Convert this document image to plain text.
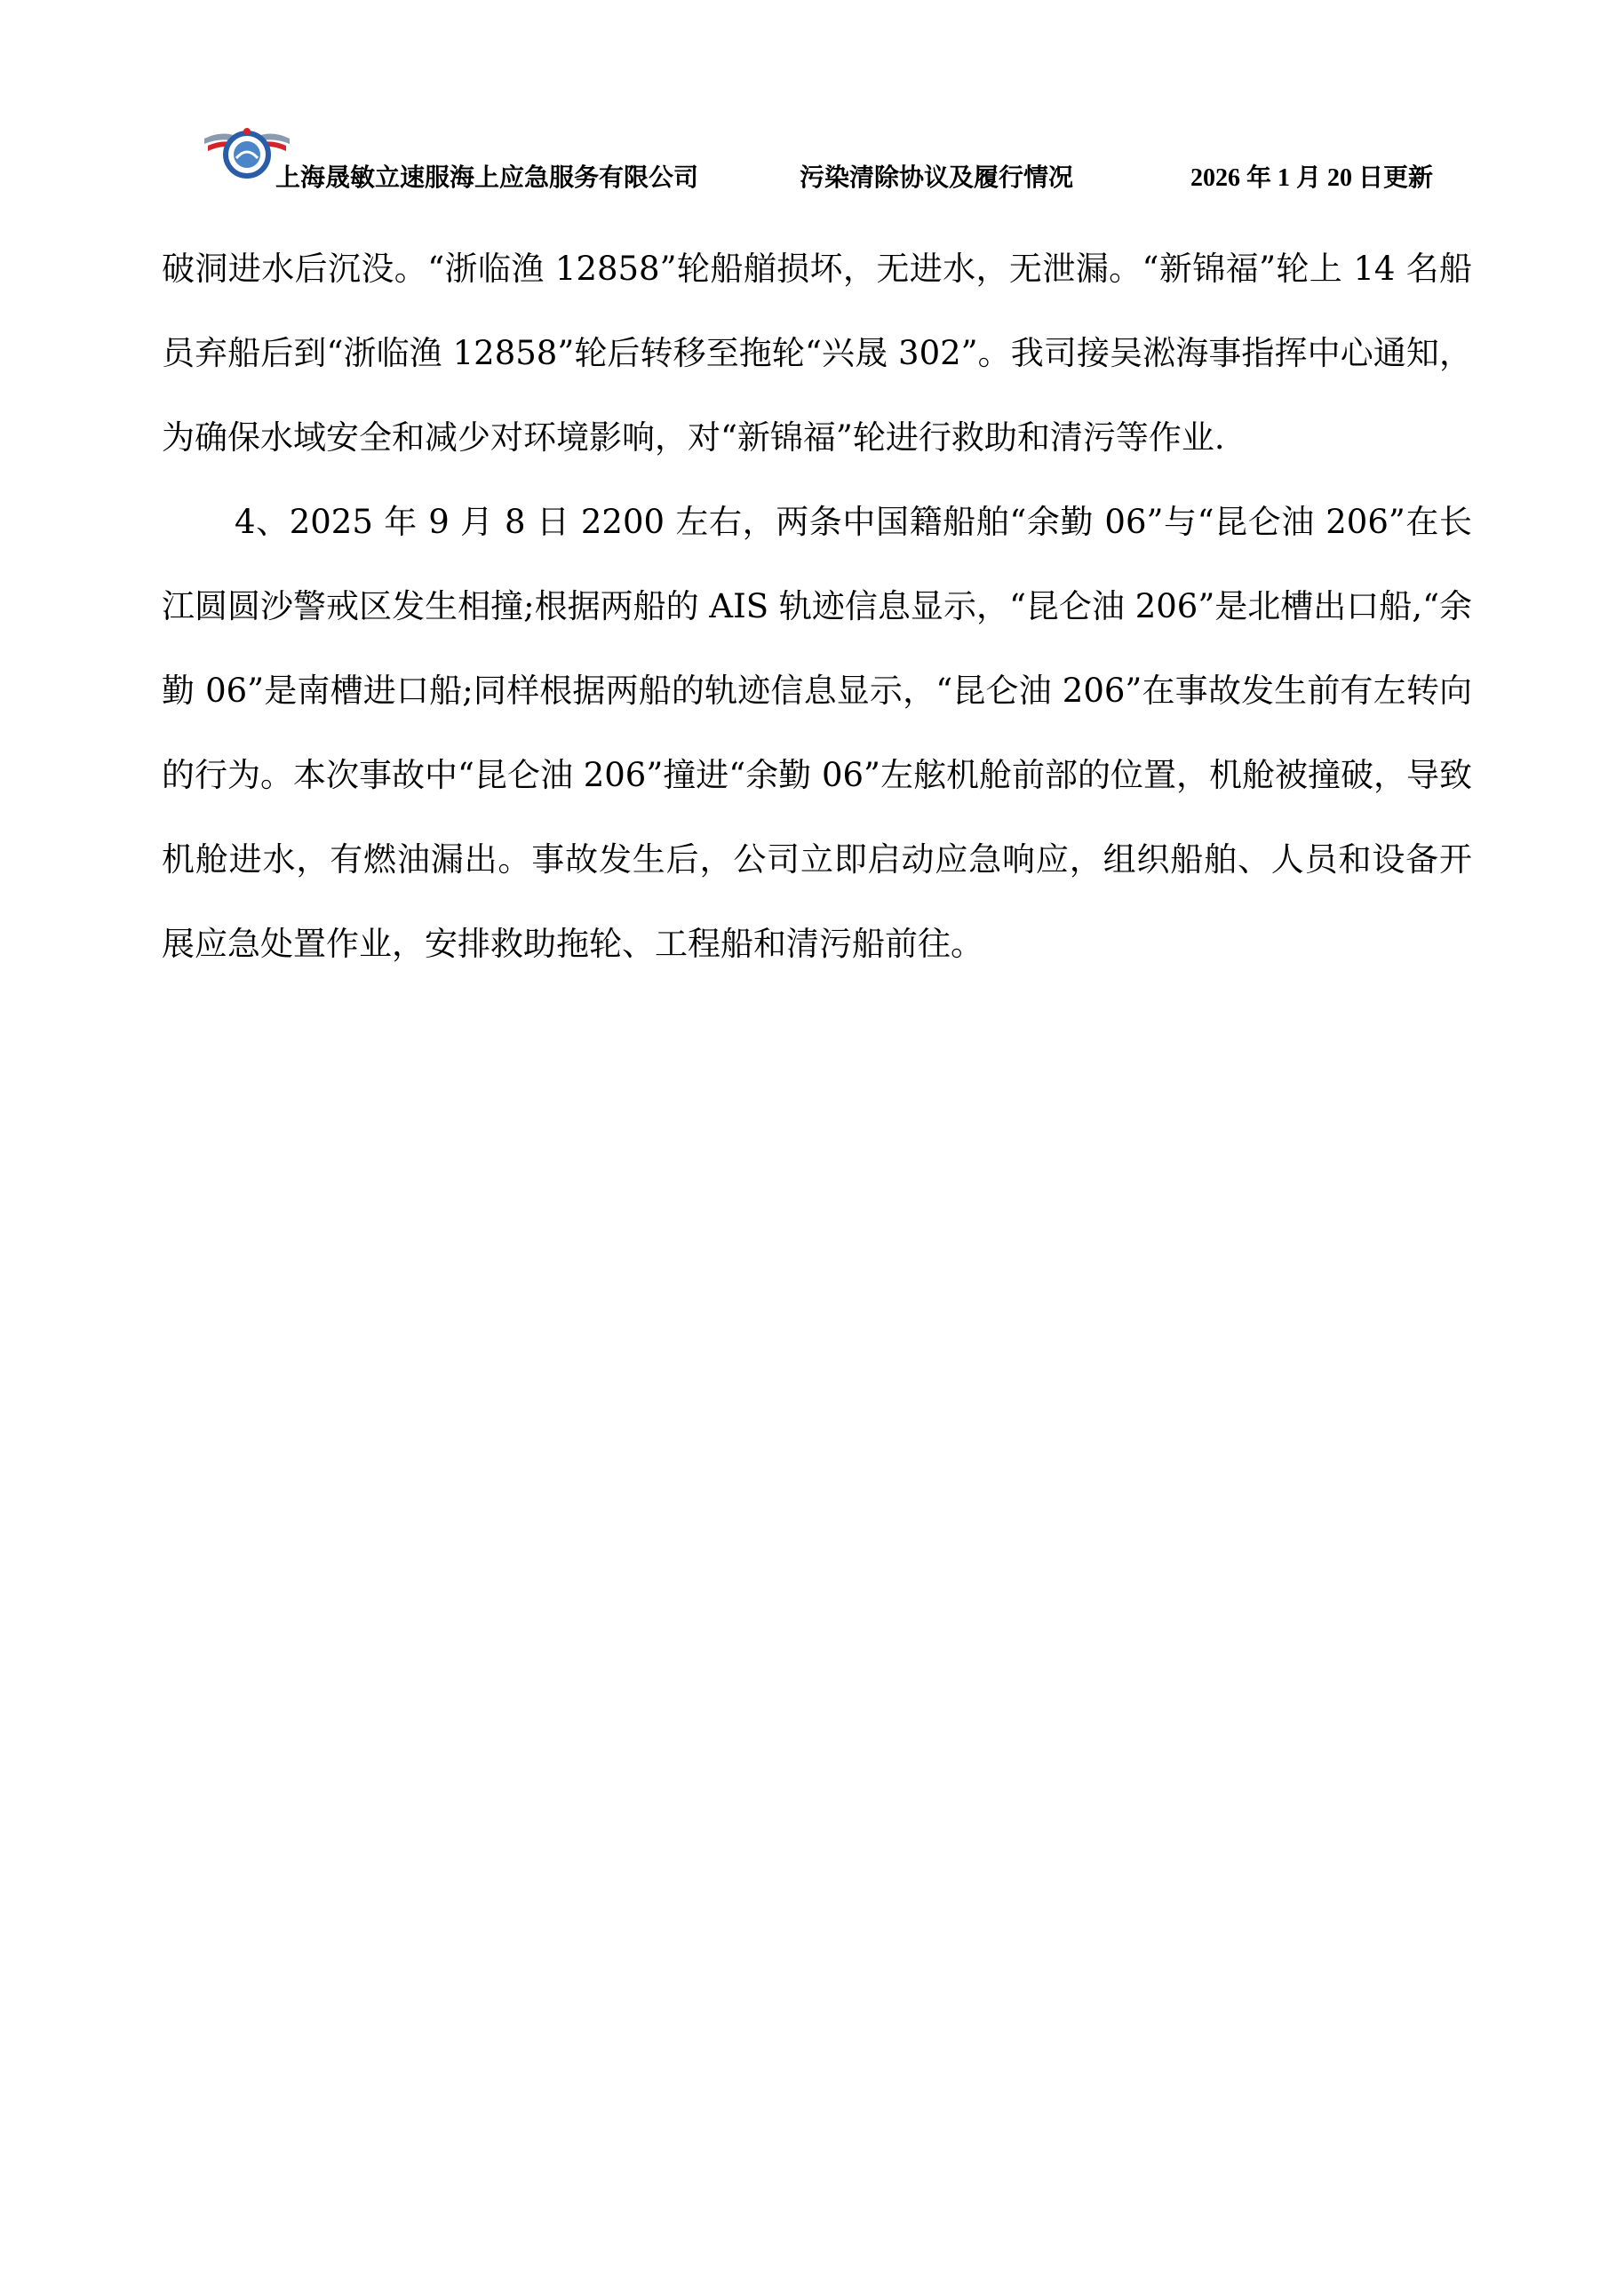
上海晟敏立速服海上应急服务有限公司	污染清除协议及履行情况	2026 年 1 月 20 日更新

破洞进水后沉没。“浙临渔 12858”轮船艏损坏，无进水，无泄漏。“新锦福”轮上 14 名船员弃船后到“浙临渔 12858”轮后转移至拖轮“兴晟 302”。我司接吴淞海事指挥中心通知，为确保水域安全和减少对环境影响，对“新锦福”轮进行救助和清污等作业.

4、2025 年 9 月 8 日 2200 左右，两条中国籍船舶“余勤 06”与“昆仑油 206”在长江圆圆沙警戒区发生相撞;根据两船的 AIS 轨迹信息显示，“昆仑油 206”是北槽出口船,“余勤 06”是南槽进口船;同样根据两船的轨迹信息显示，“昆仑油 206”在事故发生前有左转向的行为。本次事故中“昆仑油 206”撞进“余勤 06”左舷机舱前部的位置，机舱被撞破，导致机舱进水，有燃油漏出。事故发生后，公司立即启动应急响应，组织船舶、人员和设备开展应急处置作业，安排救助拖轮、工程船和清污船前往。
